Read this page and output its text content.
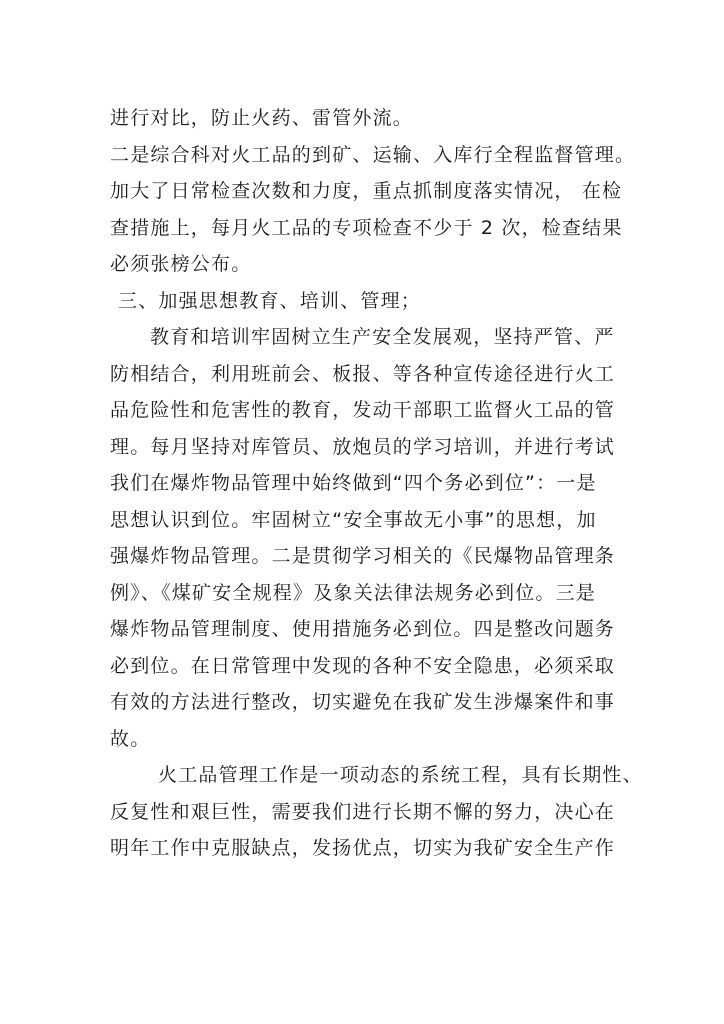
进行对比，防止火药、雷管外流。
二是综合科对火工品的到矿、运输、入库行全程监督管理。
加大了日常检查次数和力度，重点抓制度落实情况， 在检
查措施上，每月火工品的专项检查不少于 2 次，检查结果
必须张榜公布。
三、加强思想教育、培训、管理；
教育和培训牢固树立生产安全发展观，坚持严管、严
防相结合，利用班前会、板报、等各种宣传途径进行火工
品危险性和危害性的教育，发动干部职工监督火工品的管
理。每月坚持对库管员、放炮员的学习培训，并进行考试
我们在爆炸物品管理中始终做到“四个务必到位”：一是
思想认识到位。牢固树立“安全事故无小事”的思想，加
强爆炸物品管理。二是贯彻学习相关的《民爆物品管理条
例》、《煤矿安全规程》及象关法律法规务必到位。三是
爆炸物品管理制度、使用措施务必到位。四是整改问题务
必到位。在日常管理中发现的各种不安全隐患，必须采取
有效的方法进行整改，切实避免在我矿发生涉爆案件和事
故。
火工品管理工作是一项动态的系统工程，具有长期性、
反复性和艰巨性，需要我们进行长期不懈的努力，决心在
明年工作中克服缺点，发扬优点，切实为我矿安全生产作
